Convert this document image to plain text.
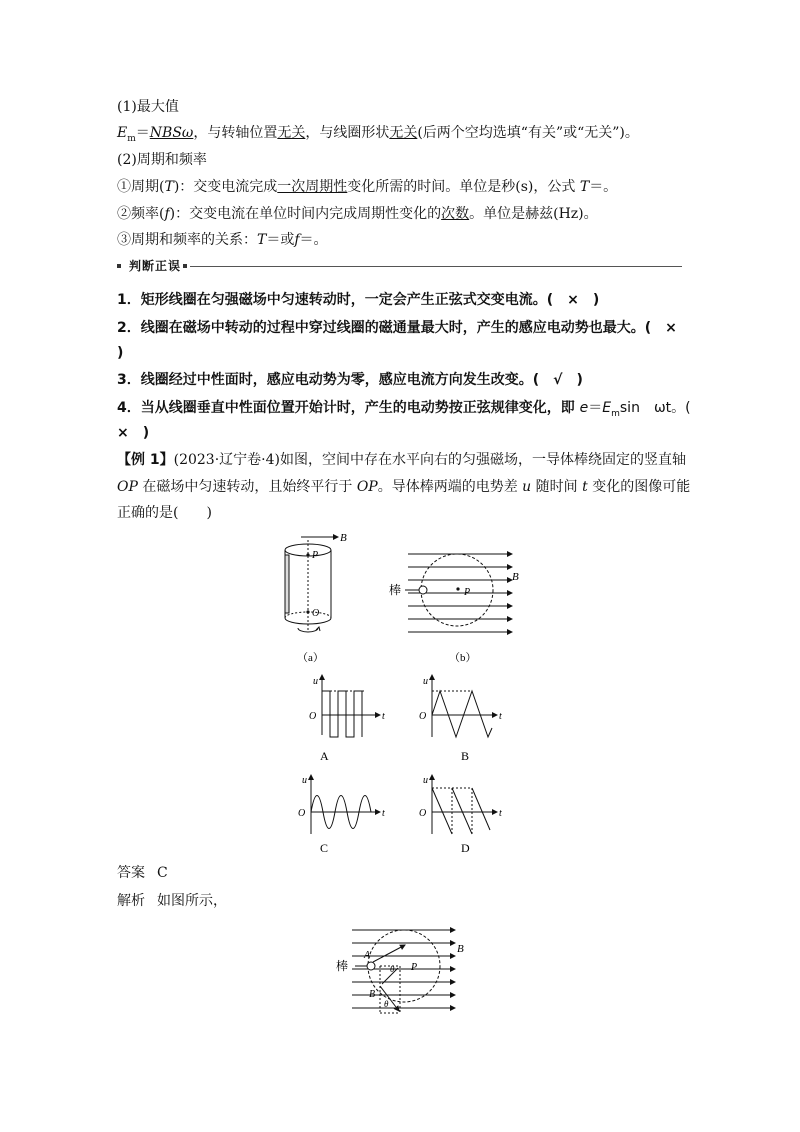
(1)最大值
$E_m=NBS\omega$，与转轴位置无关，与线圈形状无关(后两个空均选填“有关”或“无关”)。
(2)周期和频率
①周期(T)：交变电流完成一次周期性变化所需的时间。单位是秒(s)，公式 T＝。
②频率(f)：交变电流在单位时间内完成周期性变化的次数。单位是赫兹(Hz)。
③周期和频率的关系：T＝或f＝。
判断正误
1．矩形线圈在匀强磁场中匀速转动时，一定会产生正弦式交变电流。(　×　)
2．线圈在磁场中转动的过程中穿过线圈的磁通量最大时，产生的感应电动势也最大。(　×
)
3．线圈经过中性面时，感应电动势为零，感应电流方向发生改变。(　√　)
4．当从线圈垂直中性面位置开始计时，产生的电动势按正弦规律变化，即 $e=E_m\sin$　ωt。(
×　)
【例 1】(2023·辽宁卷·4)如图，空间中存在水平向右的匀强磁场，一导体棒绕固定的竖直轴
OP 在磁场中匀速转动，且始终平行于 OP。导体棒两端的电势差 u 随时间 t 变化的图像可能
正确的是(　　)
B
P
O
（a）
棒
B
P
（b）
u
O	t
A
u
O	t
B
u
O	t
C
u
O	t
D
棒
A
B
θ P
B
θ
答案 C
解析 如图所示，
